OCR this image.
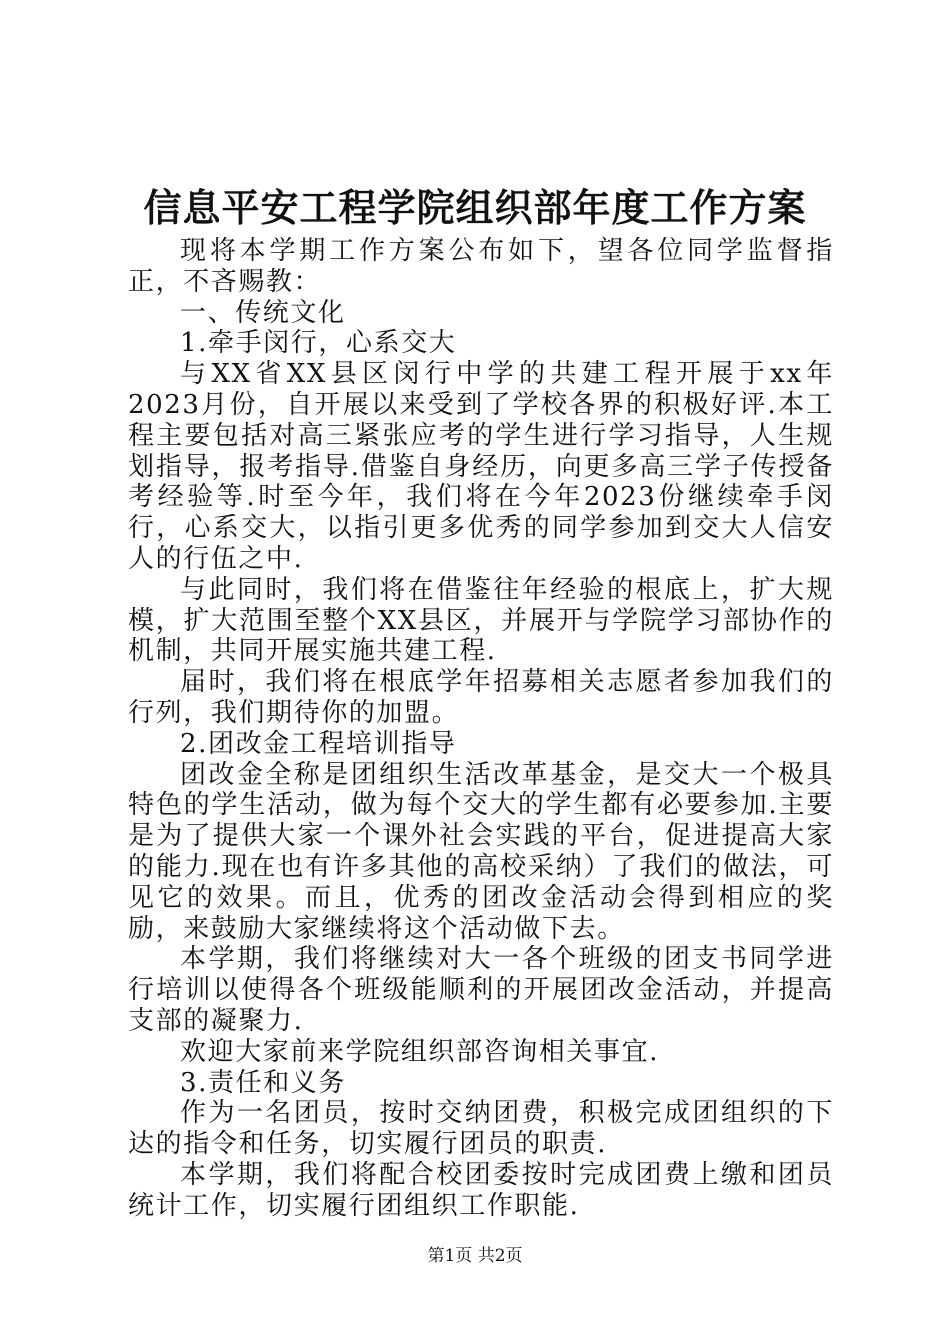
信息平安工程学院组织部年度工作方案

现将本学期工作方案公布如下，望各位同学监督指正，不吝赐教：

一、传统文化

1.牵手闵行，心系交大

与XX省XX县区闵行中学的共建工程开展于xx年2023月份，自开展以来受到了学校各界的积极好评.本工程主要包括对高三紧张应考的学生进行学习指导，人生规划指导，报考指导.借鉴自身经历，向更多高三学子传授备考经验等.时至今年，我们将在今年2023份继续牵手闵行，心系交大，以指引更多优秀的同学参加到交大人信安人的行伍之中.

与此同时，我们将在借鉴往年经验的根底上，扩大规模，扩大范围至整个XX县区，并展开与学院学习部协作的机制，共同开展实施共建工程.

届时，我们将在根底学年招募相关志愿者参加我们的行列，我们期待你的加盟。

2.团改金工程培训指导

团改金全称是团组织生活改革基金，是交大一个极具特色的学生活动，做为每个交大的学生都有必要参加.主要是为了提供大家一个课外社会实践的平台，促进提高大家的能力.现在也有许多其他的高校采纳）了我们的做法，可见它的效果。而且，优秀的团改金活动会得到相应的奖励，来鼓励大家继续将这个活动做下去。

本学期，我们将继续对大一各个班级的团支书同学进行培训以使得各个班级能顺利的开展团改金活动，并提高支部的凝聚力.

欢迎大家前来学院组织部咨询相关事宜.

3.责任和义务

作为一名团员，按时交纳团费，积极完成团组织的下达的指令和任务，切实履行团员的职责.

本学期，我们将配合校团委按时完成团费上缴和团员统计工作，切实履行团组织工作职能.

第1页 共2页
